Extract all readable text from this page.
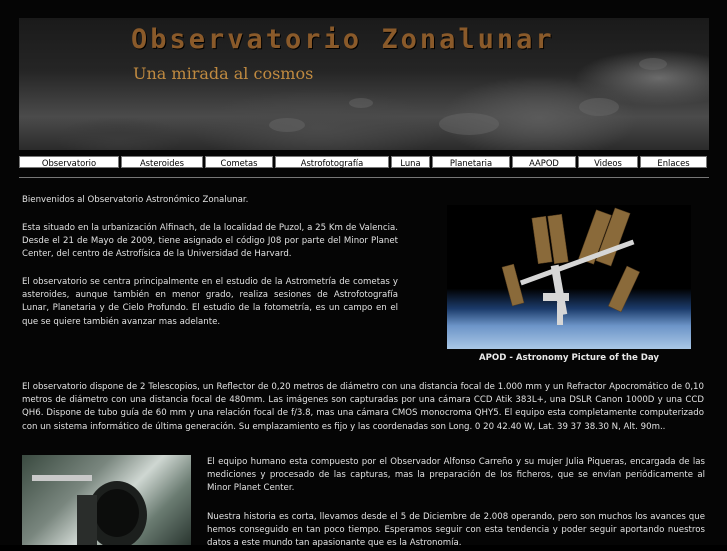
Observatorio Zonalunar
Una mirada al cosmos
Observatorio	Asteroides	Cometas	Astrofotografía	Luna	Planetaria	AAPOD	Videos	Enlaces
Bienvenidos al Observatorio Astronómico Zonalunar.
Esta situado en la urbanización Alfinach, de la localidad de Puzol, a 25 Km de Valencia. Desde el 21 de Mayo de 2009, tiene asignado el código J08 por parte del Minor Planet Center, del centro de Astrofísica de la Universidad de Harvard.
El observatorio se centra principalmente en el estudio de la Astrometría de cometas y asteroides, aunque también en menor grado, realiza sesiones de Astrofotografía Lunar, Planetaria y de Cielo Profundo. El estudio de la fotometría, es un campo en el que se quiere también avanzar mas adelante.
APOD - Astronomy Picture of the Day
El observatorio dispone de 2 Telescopios, un Reflector de 0,20 metros de diámetro con una distancia focal de 1.000 mm y un Refractor Apocromático de 0,10 metros de diámetro con una distancia focal de 480mm. Las imágenes son capturadas por una cámara CCD Atik 383L+, una DSLR Canon 1000D y una CCD QH6. Dispone de tubo guía de 60 mm y una relación focal de f/3.8, mas una cámara CMOS monocroma QHY5. El equipo esta completamente computerizado con un sistema informático de última generación. Su emplazamiento es fijo y las coordenadas son Long. 0 20 42.40 W, Lat. 39 37 38.30 N, Alt. 90m..
El equipo humano esta compuesto por el Observador Alfonso Carreño y su mujer Julia Piqueras, encargada de las mediciones y procesado de las capturas, mas la preparación de los ficheros, que se envían periódicamente al Minor Planet Center.
Nuestra historia es corta, llevamos desde el 5 de Diciembre de 2.008 operando, pero son muchos los avances que hemos conseguido en tan poco tiempo. Esperamos seguir con esta tendencia y poder seguir aportando nuestros datos a este mundo tan apasionante que es la Astronomía.
